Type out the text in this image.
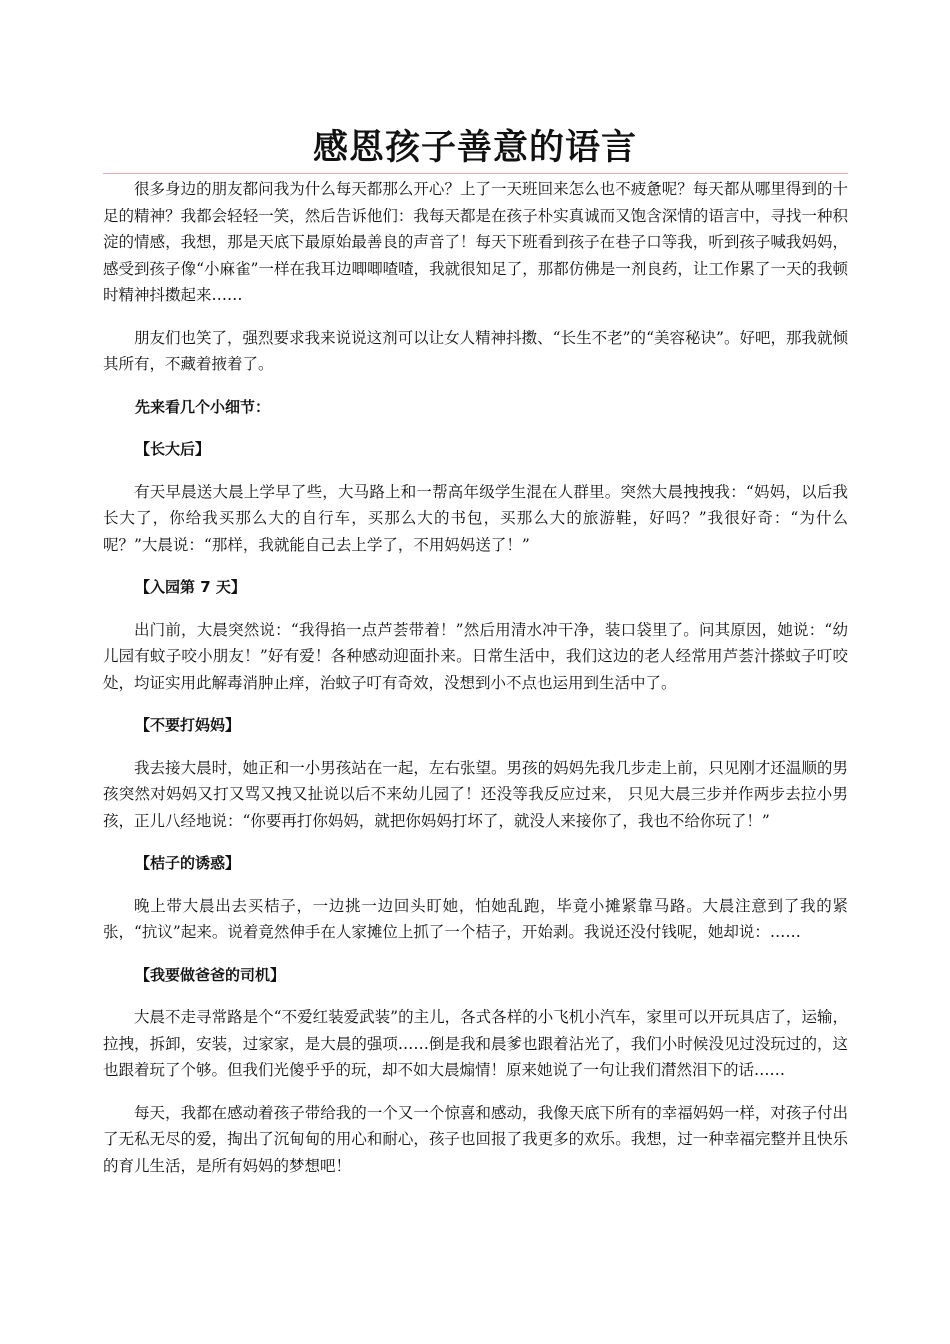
感恩孩子善意的语言

很多身边的朋友都问我为什么每天都那么开心？上了一天班回来怎么也不疲惫呢？每天都从哪里得到的十足的精神？我都会轻轻一笑，然后告诉他们：我每天都是在孩子朴实真诚而又饱含深情的语言中，寻找一种积淀的情感，我想，那是天底下最原始最善良的声音了！每天下班看到孩子在巷子口等我，听到孩子喊我妈妈，感受到孩子像“小麻雀”一样在我耳边唧唧喳喳，我就很知足了，那都仿佛是一剂良药，让工作累了一天的我顿时精神抖擞起来……

朋友们也笑了，强烈要求我来说说这剂可以让女人精神抖擞、“长生不老”的“美容秘诀”。好吧，那我就倾其所有，不藏着掖着了。

先来看几个小细节：

【长大后】

有天早晨送大晨上学早了些，大马路上和一帮高年级学生混在人群里。突然大晨拽拽我：“妈妈，以后我长大了，你给我买那么大的自行车，买那么大的书包，买那么大的旅游鞋，好吗？”我很好奇：“为什么呢？”大晨说：“那样，我就能自己去上学了，不用妈妈送了！”

【入园第 7 天】

出门前，大晨突然说：“我得掐一点芦荟带着！”然后用清水冲干净，装口袋里了。问其原因，她说：“幼儿园有蚊子咬小朋友！”好有爱！各种感动迎面扑来。日常生活中，我们这边的老人经常用芦荟汁搽蚊子叮咬处，均证实用此解毒消肿止痒，治蚊子叮有奇效，没想到小不点也运用到生活中了。

【不要打妈妈】

我去接大晨时，她正和一小男孩站在一起，左右张望。男孩的妈妈先我几步走上前，只见刚才还温顺的男孩突然对妈妈又打又骂又拽又扯说以后不来幼儿园了！还没等我反应过来， 只见大晨三步并作两步去拉小男孩，正儿八经地说：“你要再打你妈妈，就把你妈妈打坏了，就没人来接你了，我也不给你玩了！”

【桔子的诱惑】

晚上带大晨出去买桔子，一边挑一边回头盯她，怕她乱跑，毕竟小摊紧靠马路。大晨注意到了我的紧张，“抗议”起来。说着竟然伸手在人家摊位上抓了一个桔子，开始剥。我说还没付钱呢，她却说：……

【我要做爸爸的司机】

大晨不走寻常路是个“不爱红装爱武装”的主儿，各式各样的小飞机小汽车，家里可以开玩具店了，运输，拉拽，拆卸，安装，过家家，是大晨的强项……倒是我和晨爹也跟着沾光了，我们小时候没见过没玩过的，这也跟着玩了个够。但我们光傻乎乎的玩，却不如大晨煽情！原来她说了一句让我们潸然泪下的话……

每天，我都在感动着孩子带给我的一个又一个惊喜和感动，我像天底下所有的幸福妈妈一样，对孩子付出了无私无尽的爱，掏出了沉甸甸的用心和耐心，孩子也回报了我更多的欢乐。我想，过一种幸福完整并且快乐的育儿生活，是所有妈妈的梦想吧！
